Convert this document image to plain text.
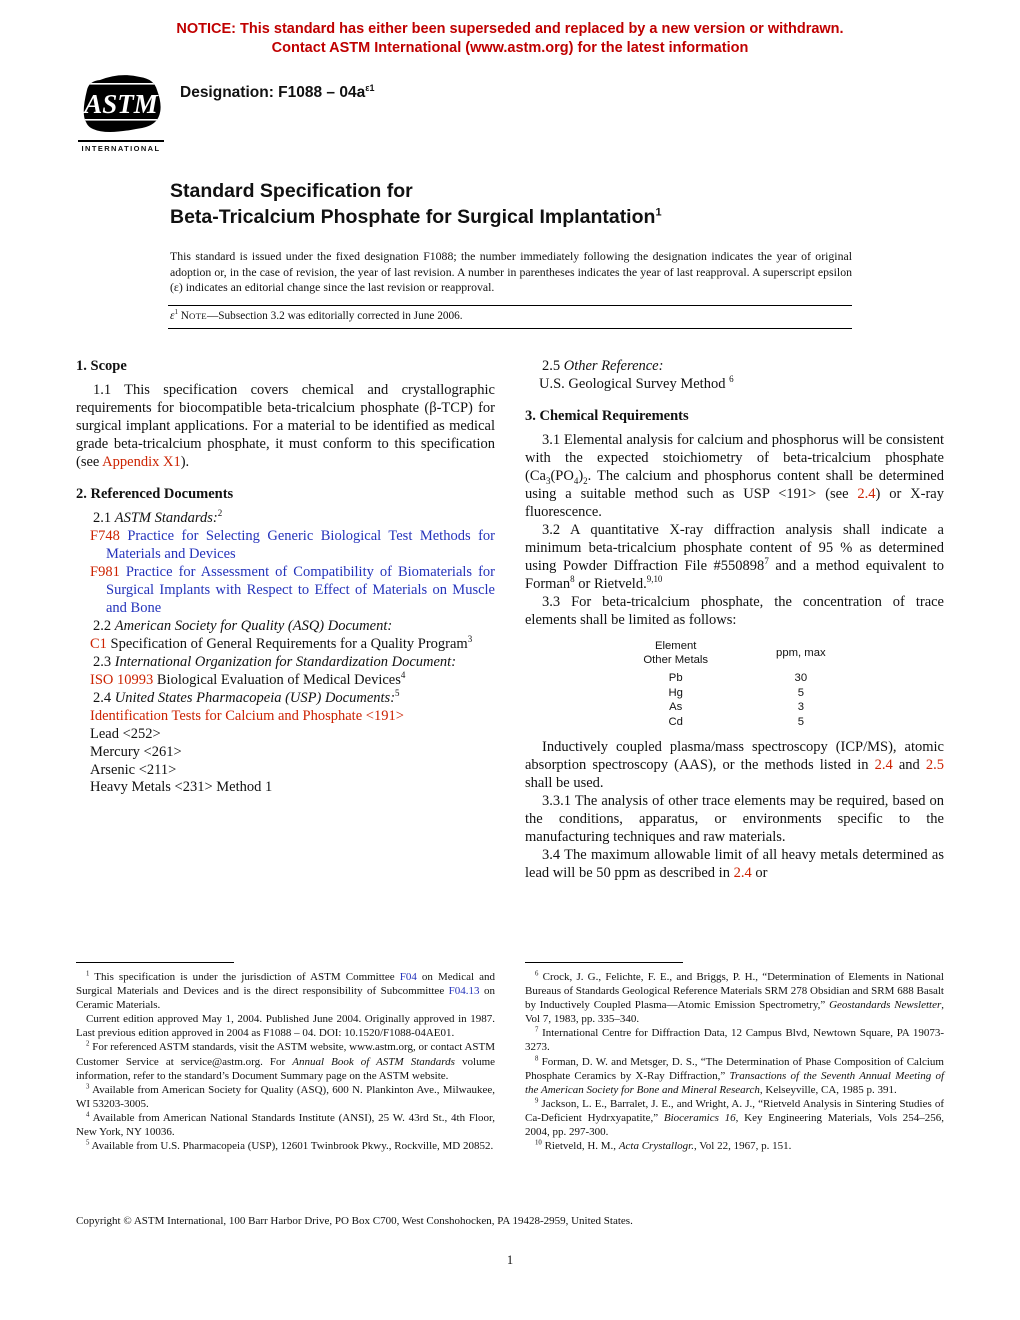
NOTICE: This standard has either been superseded and replaced by a new version or withdrawn.
Contact ASTM International (www.astm.org) for the latest information
ASTM
INTERNATIONAL
Designation: $F1088 - 04a^{\varepsilon 1}$
Standard Specification for
Beta-Tricalcium Phosphate for Surgical Implantation$^1$
This standard is issued under the fixed designation F1088; the number immediately following the designation indicates the year of original adoption or, in the case of revision, the year of last revision. A number in parentheses indicates the year of last reapproval. A superscript epsilon (ε) indicates an editorial change since the last revision or reapproval.
$\varepsilon^1$ NOTE—Subsection 3.2 was editorially corrected in June 2006.
1. Scope

1.1 This specification covers chemical and crystallographic requirements for biocompatible beta-tricalcium phosphate (β-TCP) for surgical implant applications. For a material to be identified as medical grade beta-tricalcium phosphate, it must conform to this specification (see Appendix X1).

2. Referenced Documents

2.1 ASTM Standards:$^2$

F748 Practice for Selecting Generic Biological Test Methods for Materials and Devices

F981 Practice for Assessment of Compatibility of Biomaterials for Surgical Implants with Respect to Effect of Materials on Muscle and Bone

2.2 American Society for Quality (ASQ) Document:

C1 Specification of General Requirements for a Quality Program$^3$

2.3 International Organization for Standardization Document:

ISO 10993 Biological Evaluation of Medical Devices$^4$

2.4 United States Pharmacopeia (USP) Documents:$^5$

Identification Tests for Calcium and Phosphate <191>

Lead <252>

Mercury <261>

Arsenic <211>

Heavy Metals <231> Method 1

$^1$ This specification is under the jurisdiction of ASTM Committee F04 on Medical and Surgical Materials and Devices and is the direct responsibility of Subcommittee F04.13 on Ceramic Materials.

Current edition approved May 1, 2004. Published June 2004. Originally approved in 1987. Last previous edition approved in 2004 as F1088 – 04. DOI: 10.1520/F1088-04AE01.

$^2$ For referenced ASTM standards, visit the ASTM website, www.astm.org, or contact ASTM Customer Service at service@astm.org. For Annual Book of ASTM Standards volume information, refer to the standard’s Document Summary page on the ASTM website.

$^3$ Available from American Society for Quality (ASQ), 600 N. Plankinton Ave., Milwaukee, WI 53203-3005.

$^4$ Available from American National Standards Institute (ANSI), 25 W. 43rd St., 4th Floor, New York, NY 10036.

$^5$ Available from U.S. Pharmacopeia (USP), 12601 Twinbrook Pkwy., Rockville, MD 20852.

2.5 Other Reference:

U.S. Geological Survey Method $^6$

3. Chemical Requirements

3.1 Elemental analysis for calcium and phosphorus will be consistent with the expected stoichiometry of beta-tricalcium phosphate ($Ca_3(PO_4)_2$. The calcium and phosphorus content shall be determined using a suitable method such as USP <191> (see 2.4) or X-ray fluorescence.

3.2 A quantitative X-ray diffraction analysis shall indicate a minimum beta-tricalcium phosphate content of 95 % as determined using Powder Diffraction File #550898$^7$ and a method equivalent to Forman$^8$ or Rietveld.$^{9,10}$

3.3 For beta-tricalcium phosphate, the concentration of trace elements shall be limited as follows:

Element
Other Metals	ppm, max
Pb	30
Hg	5
As	3
Cd	5

Inductively coupled plasma/mass spectroscopy (ICP/MS), atomic absorption spectroscopy (AAS), or the methods listed in 2.4 and 2.5 shall be used.

3.3.1 The analysis of other trace elements may be required, based on the conditions, apparatus, or environments specific to the manufacturing techniques and raw materials.

3.4 The maximum allowable limit of all heavy metals determined as lead will be 50 ppm as described in 2.4 or

$^6$ Crock, J. G., Felichte, F. E., and Briggs, P. H., “Determination of Elements in National Bureaus of Standards Geological Reference Materials SRM 278 Obsidian and SRM 688 Basalt by Inductively Coupled Plasma—Atomic Emission Spectrometry,” Geostandards Newsletter, Vol 7, 1983, pp. 335–340.

$^7$ International Centre for Diffraction Data, 12 Campus Blvd, Newtown Square, PA 19073-3273.

$^8$ Forman, D. W. and Metsger, D. S., “The Determination of Phase Composition of Calcium Phosphate Ceramics by X-Ray Diffraction,” Transactions of the Seventh Annual Meeting of the American Society for Bone and Mineral Research, Kelseyville, CA, 1985 p. 391.

$^9$ Jackson, L. E., Barralet, J. E., and Wright, A. J., “Rietveld Analysis in Sintering Studies of Ca-Deficient Hydrxyapatite,” Bioceramics 16, Key Engineering Materials, Vols 254–256, 2004, pp. 297-300.

$^{10}$ Rietveld, H. M., Acta Crystallogr., Vol 22, 1967, p. 151.

Copyright © ASTM International, 100 Barr Harbor Drive, PO Box C700, West Conshohocken, PA 19428-2959, United States.
1
